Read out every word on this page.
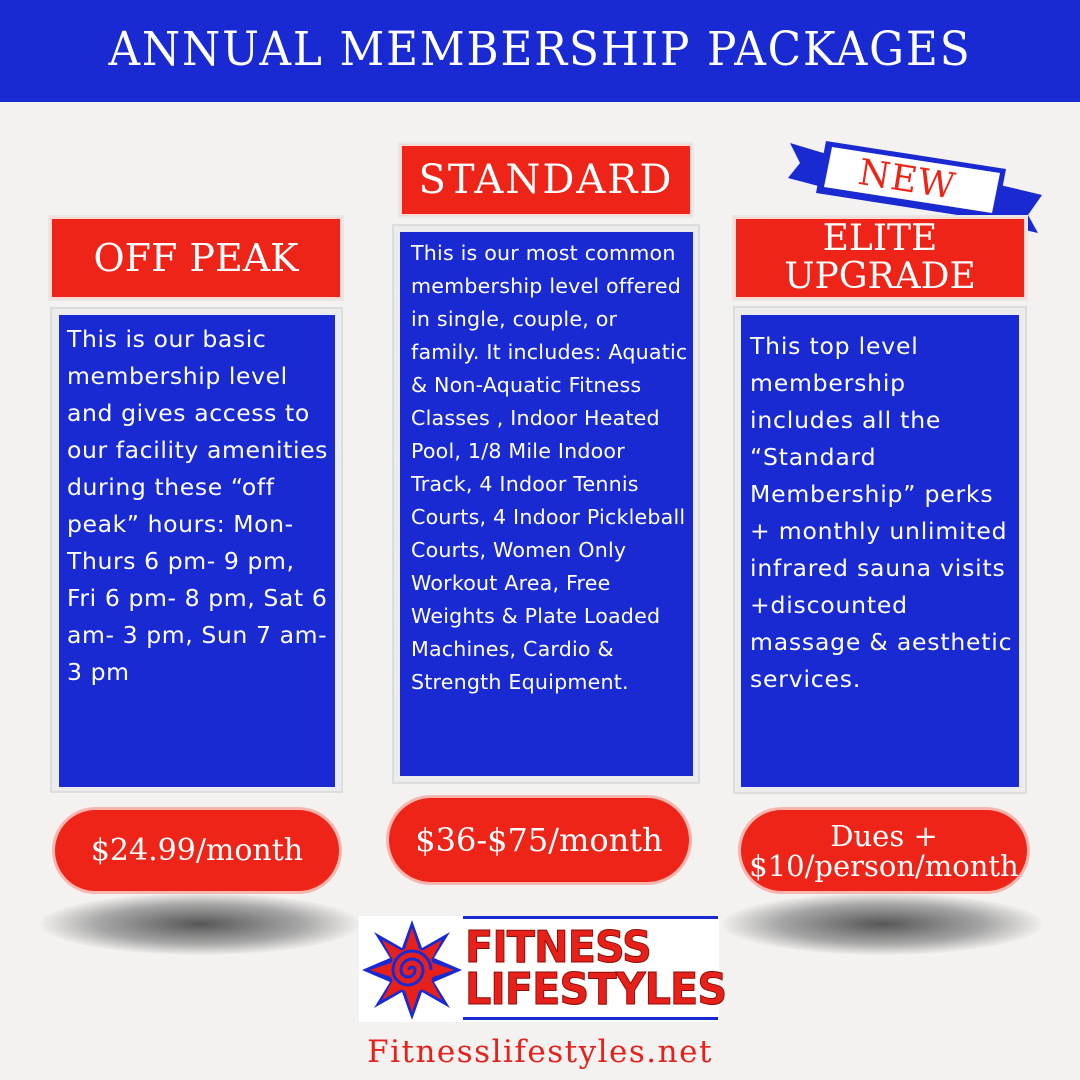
ANNUAL MEMBERSHIP PACKAGES
NEW
OFF PEAK
STANDARD
ELITE
UPGRADE
This is our basic membership level and gives access to our facility amenities during these “off peak” hours: Mon- Thurs 6 pm- 9 pm, Fri 6 pm- 8 pm, Sat 6 am- 3 pm, Sun 7 am- 3 pm
This is our most common membership level offered in single, couple, or family. It includes: Aquatic & Non-Aquatic Fitness Classes , Indoor Heated Pool, 1/8 Mile Indoor Track, 4 Indoor Tennis Courts, 4 Indoor Pickleball Courts, Women Only Workout Area, Free Weights & Plate Loaded Machines, Cardio & Strength Equipment.
This top level membership includes all the “Standard Membership” perks + monthly unlimited infrared sauna visits +discounted massage & aesthetic services.
$24.99/month	$36-$75/month	Dues +
$10/person/month
FITNESS
LIFESTYLES
Fitnesslifestyles.net
